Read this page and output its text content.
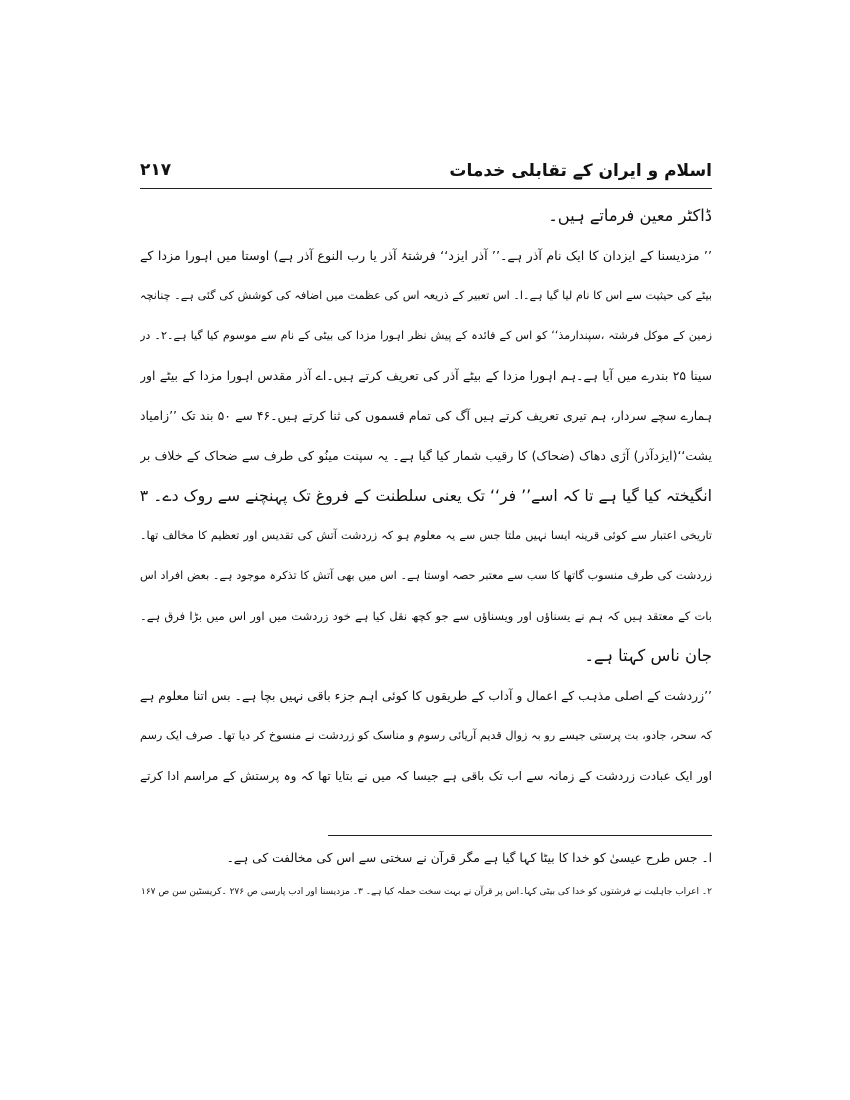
اسلام و ایران کے تقابلی خدمات
۲۱۷
ڈاکٹر معین فرماتے ہیں۔
’’ مزدیسنا کے ایزدان کا ایک نام آذر ہے۔’’ آذر ایزد‘‘ فرشتۂ آذر یا رب النوع آذر ہے) اوستا میں اہورا مزدا کے
بیٹے کی حیثیت سے اس کا نام لیا گیا ہے۔ا۔ اس تعبیر کے ذریعہ اس کی عظمت میں اضافہ کی کوشش کی گئی ہے۔ چنانچہ
زمین کے موکل فرشتہ ،سپندارمذ‘‘ کو اس کے فائدہ کے پیش نظر اہورا مزدا کی بیٹی کے نام سے موسوم کیا گیا ہے۔۲۔ در
سینا ۲۵ بندرے میں آیا ہے۔ہم اہورا مزدا کے بیٹے آذر کی تعریف کرتے ہیں۔اے آذر مقدس اہورا مزدا کے بیٹے اور
ہمارے سچے سردار، ہم تیری تعریف کرتے ہیں آگ کی تمام قسموں کی ثنا کرتے ہیں۔۴۶ سے ۵۰ بند تک ’’زامیاد
یشت‘‘(ایزدآذر) آژی دھاک (ضحاک) کا رقیب شمار کیا گیا ہے۔ یہ سپنت مینُو کی طرف سے ضحاک کے خلاف بر
انگیختہ کیا گیا ہے تا کہ اسے’’ فر‘‘ تک یعنی سلطنت کے فروغ تک پہنچنے سے روک دے۔ ۳
تاریخی اعتبار سے کوئی قرینہ ایسا نہیں ملتا جس سے یہ معلوم ہو کہ زردشت آتش کی تقدیس اور تعظیم کا مخالف تھا۔
زردشت کی طرف منسوب گاتھا کا سب سے معتبر حصہ اوستا ہے۔ اس میں بھی آتش کا تذکرہ موجود ہے۔ بعض افراد اس
بات کے معتقد ہیں کہ ہم نے یسناؤں اور ویسناؤں سے جو کچھ نقل کیا ہے خود زردشت میں اور اس میں بڑا فرق ہے۔
جان ناس کہتا ہے۔
’’زردشت کے اصلی مذہب کے اعمال و آداب کے طریقوں کا کوئی اہم جزء باقی نہیں بچا ہے۔ بس اتنا معلوم ہے
کہ سحر، جادو، بت پرستی جیسے رو بہ زوال قدیم آریائی رسوم و مناسک کو زردشت نے منسوخ کر دیا تھا۔ صرف ایک رسم
اور ایک عبادت زردشت کے زمانہ سے اب تک باقی ہے جیسا کہ میں نے بتایا تھا کہ وہ پرستش کے مراسم ادا کرتے
ا۔ جس طرح عیسیٰ کو خدا کا بیٹا کہا گیا ہے مگر قرآن نے سختی سے اس کی مخالفت کی ہے۔
۲۔ اعراب جاہلیت نے فرشتوں کو خدا کی بیٹی کہا۔اس پر قرآن نے بہت سخت حملہ کیا ہے۔ ۳۔ مزدیسنا اور ادب پارسی ص ۲۷۶ ۔کریسٹین سن ص ۱۶۷
